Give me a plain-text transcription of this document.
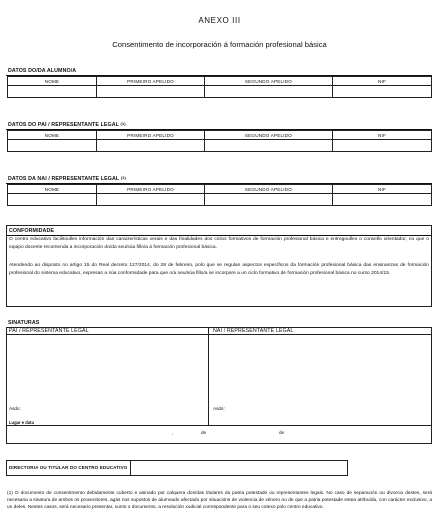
ANEXO III
Consentimento de incorporación á formación profesional básica
DATOS DO/DA ALUMNO/A
NOME	PRIMEIRO APELIDO	SEGUNDO APELIDO	NIF

DATOS DO PAI / REPRESENTANTE LEGAL $^{(1)}$
NOME	PRIMEIRO APELIDO	SEGUNDO APELIDO	NIF

DATOS DA NAI / REPRESENTANTE LEGAL $^{(1)}$
NOME	PRIMEIRO APELIDO	SEGUNDO APELIDO	NIF

CONFORMIDADE
O centro educativo facilitoulles información das características xerais e das finalidades dos ciclos formativos de formación profesional básica e entregoulles o consello orientador, no que o equipo docente recomenda a incorporación do/da seu/súa fillo/a á formación profesional básica.
Atendendo ao disposto no artigo 15 do Real decreto 127/2014, do 28 de febreiro, polo que se regulan aspectos específicos da formación profesional básica das ensinanzas de formación profesional do sistema educativo, expresan a súa conformidade para que o/a seu/súa fillo/a se incorpore a un ciclo formativo de formación profesional básica no curso 2014/15.
SINATURAS
PAI / REPRESENTANTE LEGAL	NAI / REPRESENTANTE LEGAL
Asdo:	Asdo:
Lugar e data
,	de	de
DIRECTORIA OU TITULAR DO CENTRO EDUCATIVO
(1) O documento de consentimento debidamente cuberto e asinado por calquera dos/das titulares da patria potestade ou representantes legais. No caso de separación ou divorcio destes, será necesaria a sinatura de ambos os proxenitores, agás nos supostos de alumnado afectado por situacións de violencia de xénero ou de que a patria potestade estea atribuída, con carácter exclusivo, a un deles. Nestes casos, será necesario presentar, xunto o documento, a resolución xudicial correspondente para o seu cotexo polo centro educativo.
